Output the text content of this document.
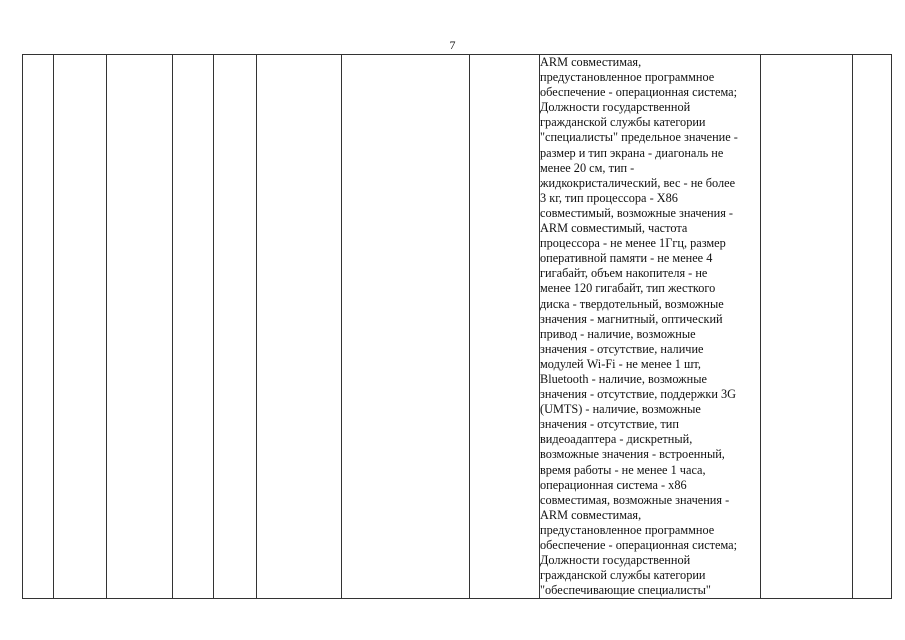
7

ARM совместимая,
предустановленное программное
обеспечение - операционная система;
Должности государственной
гражданской службы категории
"специалисты" предельное значение -
размер и тип экрана - диагональ не
менее 20 см, тип -
жидкокристалический, вес - не более
3 кг, тип процессора - X86
совместимый, возможные значения -
ARM совместимый, частота
процессора - не менее 1Ггц, размер
оперативной памяти - не менее 4
гигабайт, объем накопителя - не
менее 120 гигабайт, тип жесткого
диска - твердотельный, возможные
значения - магнитный, оптический
привод - наличие, возможные
значения - отсутствие, наличие
модулей Wi-Fi - не менее 1 шт,
Bluetooth - наличие, возможные
значения - отсутствие, поддержки 3G
(UMTS) - наличие, возможные
значения - отсутствие, тип
видеоадаптера - дискретный,
возможные значения - встроенный,
время работы - не менее 1 часа,
операционная система - x86
совместимая, возможные значения -
ARM совместимая,
предустановленное программное
обеспечение - операционная система;
Должности государственной
гражданской службы категории
"обеспечивающие специалисты"
